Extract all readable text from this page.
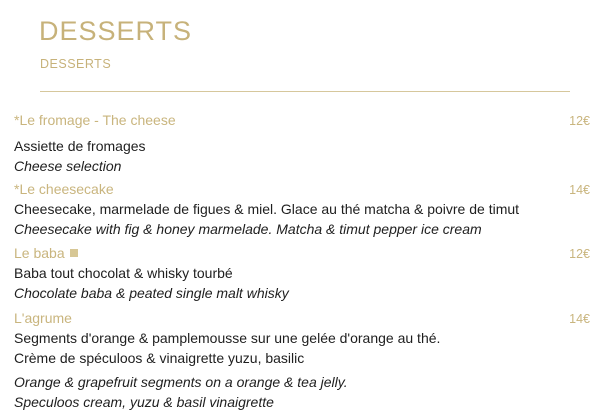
DESSERTS
DESSERTS
*Le fromage - The cheese	12€
Assiette de fromages
Cheese selection
*Le cheesecake	14€
Cheesecake, marmelade de figues & miel. Glace au thé matcha & poivre de timut
Cheesecake with fig & honey marmelade. Matcha & timut pepper ice cream
Le baba	12€
Baba tout chocolat & whisky tourbé
Chocolate baba & peated single malt whisky
L'agrume	14€
Segments d'orange & pamplemousse sur une gelée d'orange au thé.
Crème de spéculoos & vinaigrette yuzu, basilic
Orange & grapefruit segments on a orange & tea jelly.
Speculoos cream, yuzu & basil vinaigrette
